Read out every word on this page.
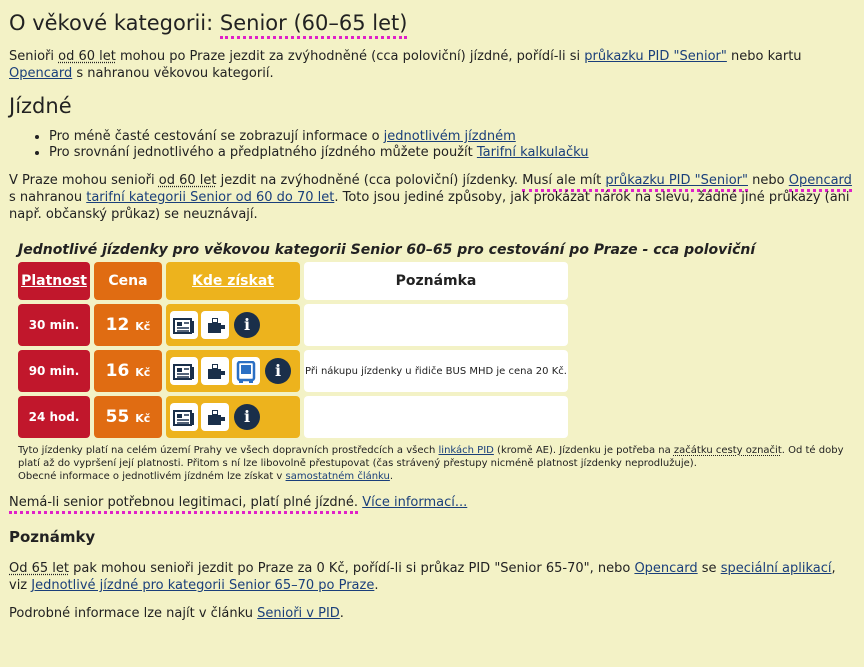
O věkové kategorii: Senior (60–65 let)

Senioři od 60 let mohou po Praze jezdit za zvýhodněné (cca poloviční) jízdné, pořídí-li si průkazku PID "Senior" nebo kartu Opencard s nahranou věkovou kategorií.

Jízdné
• Pro méně časté cestování se zobrazují informace o jednotlivém jízdném
• Pro srovnání jednotlivého a předplatného jízdného můžete použít Tarifní kalkulačku

V Praze mohou senioři od 60 let jezdit na zvýhodněné (cca poloviční) jízdenky. Musí ale mít průkazku PID "Senior" nebo Opencard s nahranou tarifní kategorii Senior od 60 do 70 let. Toto jsou jediné způsoby, jak prokázat nárok na slevu, žádné jiné průkazy (ani např. občanský průkaz) se neuznávají.

Jednotlivé jízdenky pro věkovou kategorii Senior 60–65 pro cestování po Praze - cca poloviční
Platnost	Cena	Kde získat	Poznámka
30 min.	12 Kč	i	
90 min.	16 Kč	i	Při nákupu jízdenky u řidiče BUS MHD je cena 20 Kč.
24 hod.	55 Kč	i	
Tyto jízdenky platí na celém území Prahy ve všech dopravních prostředcích a všech linkách PID (kromě AE). Jízdenku je potřeba na začátku cesty označit. Od té doby platí až do vypršení její platnosti. Přitom s ní lze libovolně přestupovat (čas strávený přestupy nicméně platnost jízdenky neprodlužuje).
Obecné informace o jednotlivém jízdném lze získat v samostatném článku.

Nemá-li senior potřebnou legitimaci, platí plné jízdné. Více informací...

Poznámky

Od 65 let pak mohou senioři jezdit po Praze za 0 Kč, pořídí-li si průkaz PID "Senior 65-70", nebo Opencard se speciální aplikací, viz Jednotlivé jízdné pro kategorii Senior 65–70 po Praze.

Podrobné informace lze najít v článku Senioři v PID.
